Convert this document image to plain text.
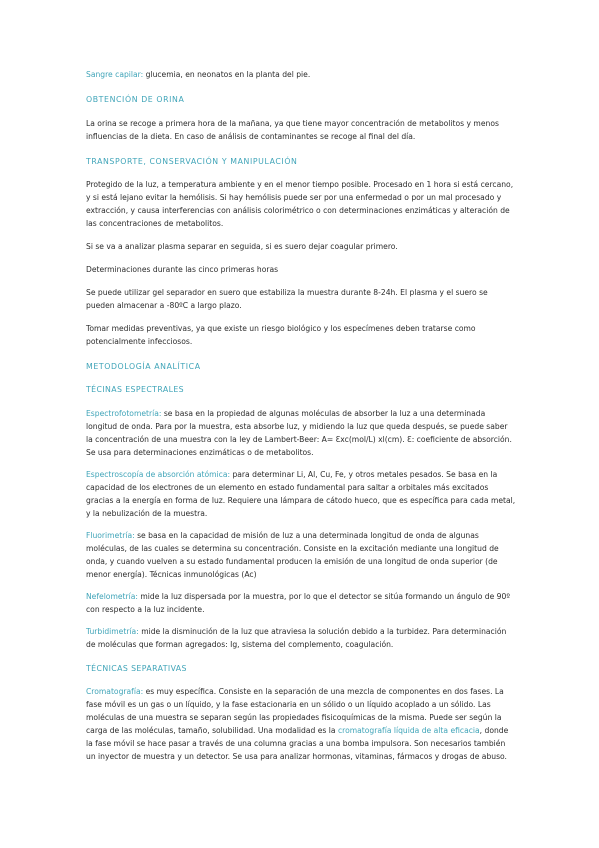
Sangre capilar: glucemia, en neonatos en la planta del pie.

OBTENCIÓN DE ORINA

La orina se recoge a primera hora de la mañana, ya que tiene mayor concentración de metabolitos y menos influencias de la dieta. En caso de análisis de contaminantes se recoge al final del día.

TRANSPORTE, CONSERVACIÓN Y MANIPULACIÓN

Protegido de la luz, a temperatura ambiente y en el menor tiempo posible. Procesado en 1 hora si está cercano, y si está lejano evitar la hemólisis. Si hay hemólisis puede ser por una enfermedad o por un mal procesado y extracción, y causa interferencias con análisis colorimétrico o con determinaciones enzimáticas y alteración de las concentraciones de metabolitos.

Si se va a analizar plasma separar en seguida, si es suero dejar coagular primero.

Determinaciones durante las cinco primeras horas

Se puede utilizar gel separador en suero que estabiliza la muestra durante 8-24h. El plasma y el suero se pueden almacenar a -80ºC a largo plazo.

Tomar medidas preventivas, ya que existe un riesgo biológico y los especímenes deben tratarse como potencialmente infecciosos.

METODOLOGÍA ANALÍTICA

TÉCINAS ESPECTRALES

Espectrofotometría: se basa en la propiedad de algunas moléculas de absorber la luz a una determinada longitud de onda. Para por la muestra, esta absorbe luz, y midiendo la luz que queda después, se puede saber la concentración de una muestra con la ley de Lambert-Beer: A= Ɛxc(mol/L) xl(cm). Ɛ: coeficiente de absorción. Se usa para determinaciones enzimáticas o de metabolitos.

Espectroscopía de absorción atómica: para determinar Li, Al, Cu, Fe, y otros metales pesados. Se basa en la capacidad de los electrones de un elemento en estado fundamental para saltar a orbitales más excitados gracias a la energía en forma de luz. Requiere una lámpara de cátodo hueco, que es específica para cada metal, y la nebulización de la muestra.

Fluorimetría: se basa en la capacidad de misión de luz a una determinada longitud de onda de algunas moléculas, de las cuales se determina su concentración. Consiste en la excitación mediante una longitud de onda, y cuando vuelven a su estado fundamental producen la emisión de una longitud de onda superior (de menor energía). Técnicas inmunológicas (Ac)

Nefelometría: mide la luz dispersada por la muestra, por lo que el detector se sitúa formando un ángulo de 90º con respecto a la luz incidente.

Turbidimetría: mide la disminución de la luz que atraviesa la solución debido a la turbidez. Para determinación de moléculas que forman agregados: Ig, sistema del complemento, coagulación.

TÉCNICAS SEPARATIVAS

Cromatografía: es muy específica. Consiste en la separación de una mezcla de componentes en dos fases. La fase móvil es un gas o un líquido, y la fase estacionaria en un sólido o un líquido acoplado a un sólido. Las moléculas de una muestra se separan según las propiedades fisicoquímicas de la misma. Puede ser según la carga de las moléculas, tamaño, solubilidad. Una modalidad es la cromatografía líquida de alta eficacia, donde la fase móvil se hace pasar a través de una columna gracias a una bomba impulsora. Son necesarios también un inyector de muestra y un detector. Se usa para analizar hormonas, vitaminas, fármacos y drogas de abuso.
